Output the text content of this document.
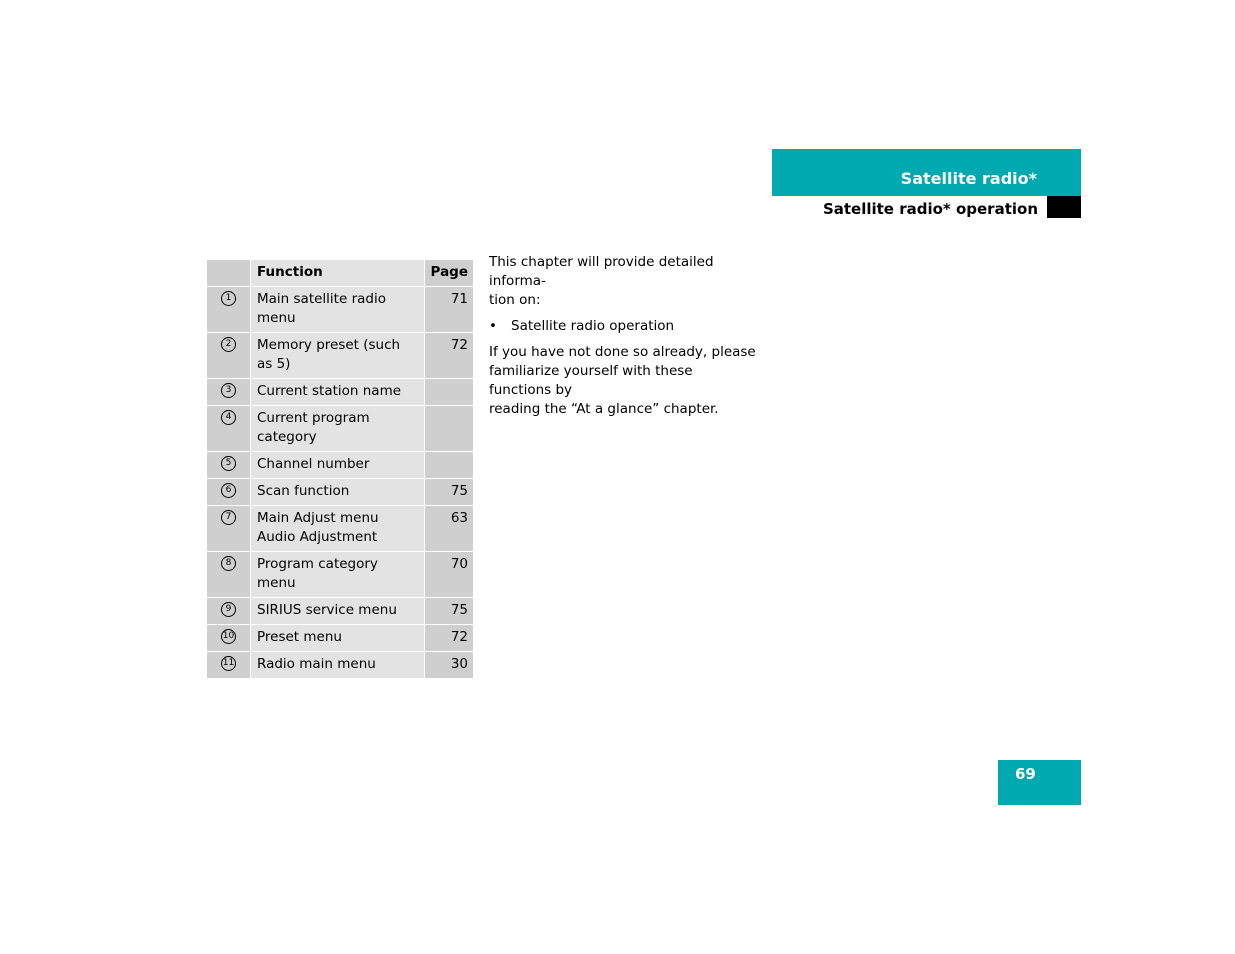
Satellite radio*
Satellite radio* operation
	Function	Page
1	Main satellite radio menu	71
2	Memory preset (such
as 5)	72
3	Current station name	
4	Current program category	
5	Channel number	
6	Scan function	75
7	Main Adjust menu
Audio Adjustment	63
8	Program category menu	70
9	SIRIUS service menu	75
10	Preset menu	72
11	Radio main menu	30

This chapter will provide detailed informa-
tion on:

• Satellite radio operation

If you have not done so already, please
familiarize yourself with these functions by
reading the “At a glance” chapter.

69
